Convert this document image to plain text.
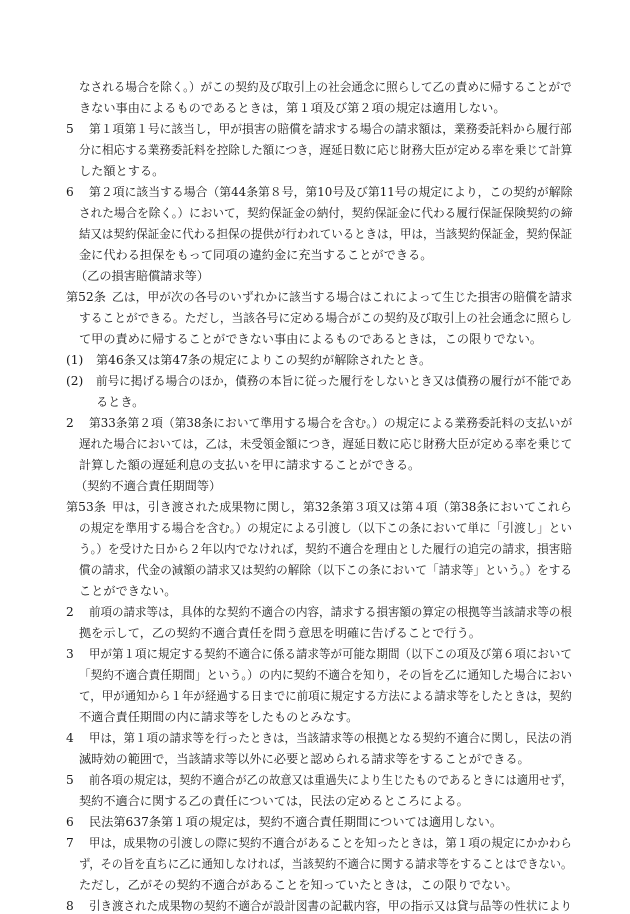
なされる場合を除く。）がこの契約及び取引上の社会通念に照らして乙の責めに帰することがで
きない事由によるものであるときは，第１項及び第２項の規定は適用しない。
5 第１項第１号に該当し，甲が損害の賠償を請求する場合の請求額は，業務委託料から履行部
分に相応する業務委託料を控除した額につき，遅延日数に応じ財務大臣が定める率を乗じて計算
した額とする。
6 第２項に該当する場合（第44条第８号，第10号及び第11号の規定により，この契約が解除
された場合を除く。）において，契約保証金の納付，契約保証金に代わる履行保証保険契約の締
結又は契約保証金に代わる担保の提供が行われているときは，甲は，当該契約保証金，契約保証
金に代わる担保をもって同項の違約金に充当することができる。
（乙の損害賠償請求等）
第52条 乙は，甲が次の各号のいずれかに該当する場合はこれによって生じた損害の賠償を請求
することができる。ただし，当該各号に定める場合がこの契約及び取引上の社会通念に照らし
て甲の責めに帰することができない事由によるものであるときは，この限りでない。
(1) 第46条又は第47条の規定によりこの契約が解除されたとき。
(2) 前号に掲げる場合のほか，債務の本旨に従った履行をしないとき又は債務の履行が不能であ
るとき。
2 第33条第２項（第38条において準用する場合を含む。）の規定による業務委託料の支払いが
遅れた場合においては，乙は，未受領金額につき，遅延日数に応じ財務大臣が定める率を乗じて
計算した額の遅延利息の支払いを甲に請求することができる。
（契約不適合責任期間等）
第53条 甲は，引き渡された成果物に関し，第32条第３項又は第４項（第38条においてこれら
の規定を準用する場合を含む。）の規定による引渡し（以下この条において単に「引渡し」とい
う。）を受けた日から２年以内でなければ，契約不適合を理由とした履行の追完の請求，損害賠
償の請求，代金の減額の請求又は契約の解除（以下この条において「請求等」という。）をする
ことができない。
2 前項の請求等は，具体的な契約不適合の内容，請求する損害額の算定の根拠等当該請求等の根
拠を示して，乙の契約不適合責任を問う意思を明確に告げることで行う。
3 甲が第１項に規定する契約不適合に係る請求等が可能な期間（以下この項及び第６項において
「契約不適合責任期間」という。）の内に契約不適合を知り，その旨を乙に通知した場合におい
て，甲が通知から１年が経過する日までに前項に規定する方法による請求等をしたときは，契約
不適合責任期間の内に請求等をしたものとみなす。
4 甲は，第１項の請求等を行ったときは，当該請求等の根拠となる契約不適合に関し，民法の消
滅時効の範囲で，当該請求等以外に必要と認められる請求等をすることができる。
5 前各項の規定は，契約不適合が乙の故意又は重過失により生じたものであるときには適用せず，
契約不適合に関する乙の責任については，民法の定めるところによる。
6 民法第637条第１項の規定は，契約不適合責任期間については適用しない。
7 甲は，成果物の引渡しの際に契約不適合があることを知ったときは，第１項の規定にかかわら
ず，その旨を直ちに乙に通知しなければ，当該契約不適合に関する請求等をすることはできない。
ただし，乙がその契約不適合があることを知っていたときは，この限りでない。
8 引き渡された成果物の契約不適合が設計図書の記載内容，甲の指示又は貸与品等の性状により
